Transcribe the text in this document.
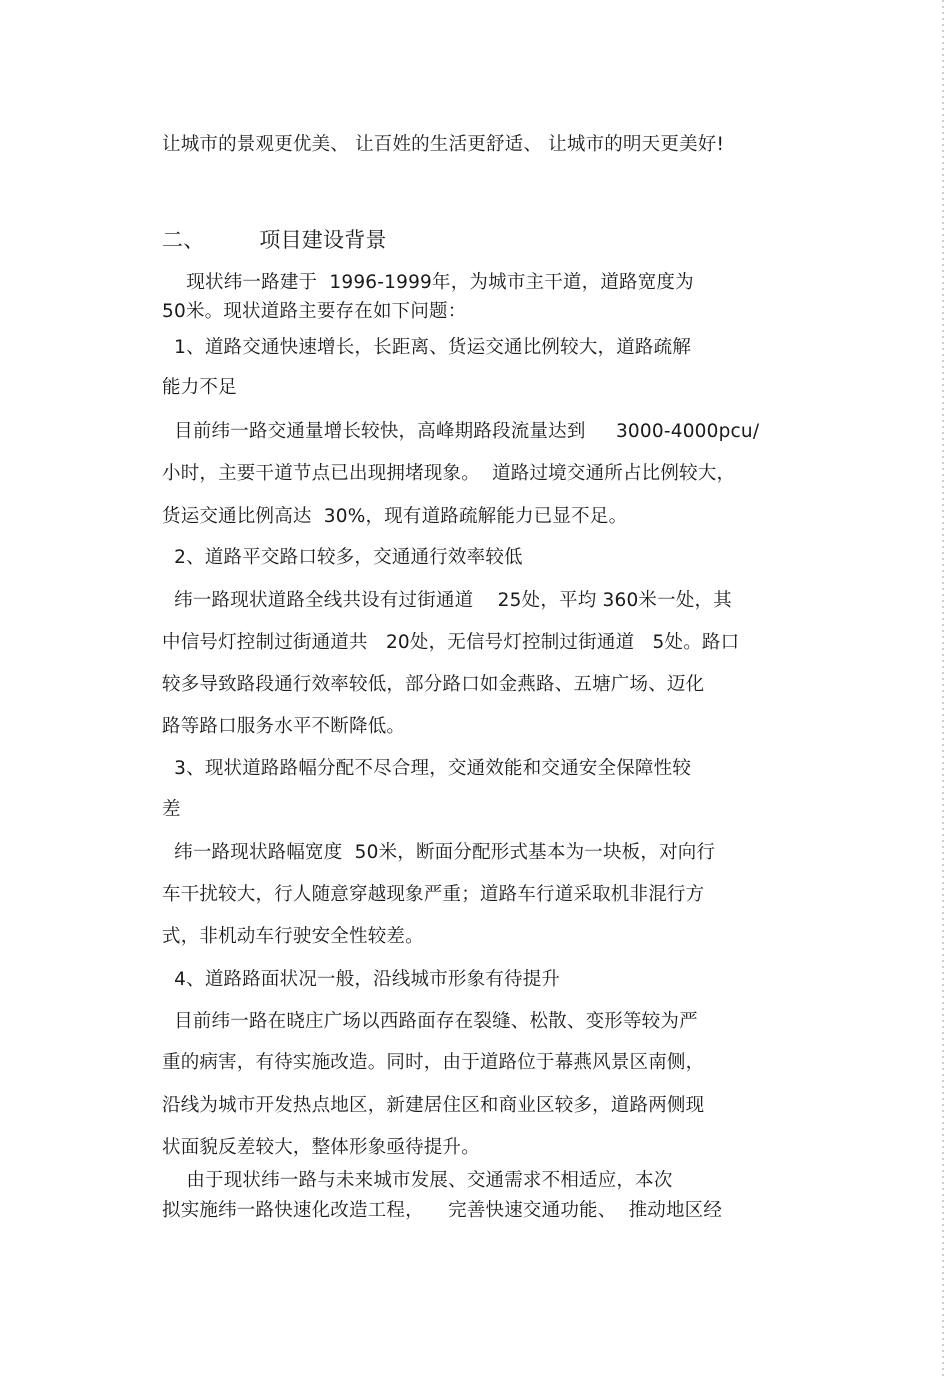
让城市的景观更优美、 让百姓的生活更舒适、 让城市的明天更美好!
二、        项目建设背景
现状纬一路建于  1996-1999年，为城市主干道，道路宽度为
50米。现状道路主要存在如下问题：
1、道路交通快速增长，长距离、货运交通比例较大，道路疏解
能力不足
目前纬一路交通量增长较快，高峰期路段流量达到     3000-4000pcu/
小时，主要干道节点已出现拥堵现象。  道路过境交通所占比例较大，
货运交通比例高达  30%，现有道路疏解能力已显不足。
2、道路平交路口较多，交通通行效率较低
纬一路现状道路全线共设有过街通道    25处，平均 360米一处，其
中信号灯控制过街通道共   20处，无信号灯控制过街通道   5处。路口
较多导致路段通行效率较低，部分路口如金燕路、五塘广场、迈化
路等路口服务水平不断降低。
3、现状道路路幅分配不尽合理，交通效能和交通安全保障性较
差
纬一路现状路幅宽度  50米，断面分配形式基本为一块板，对向行
车干扰较大，行人随意穿越现象严重；道路车行道采取机非混行方
式，非机动车行驶安全性较差。
4、道路路面状况一般，沿线城市形象有待提升
目前纬一路在晓庄广场以西路面存在裂缝、松散、变形等较为严
重的病害，有待实施改造。同时，由于道路位于幕燕风景区南侧，
沿线为城市开发热点地区，新建居住区和商业区较多，道路两侧现
状面貌反差较大，整体形象亟待提升。
由于现状纬一路与未来城市发展、交通需求不相适应，本次
拟实施纬一路快速化改造工程，    完善快速交通功能、  推动地区经
